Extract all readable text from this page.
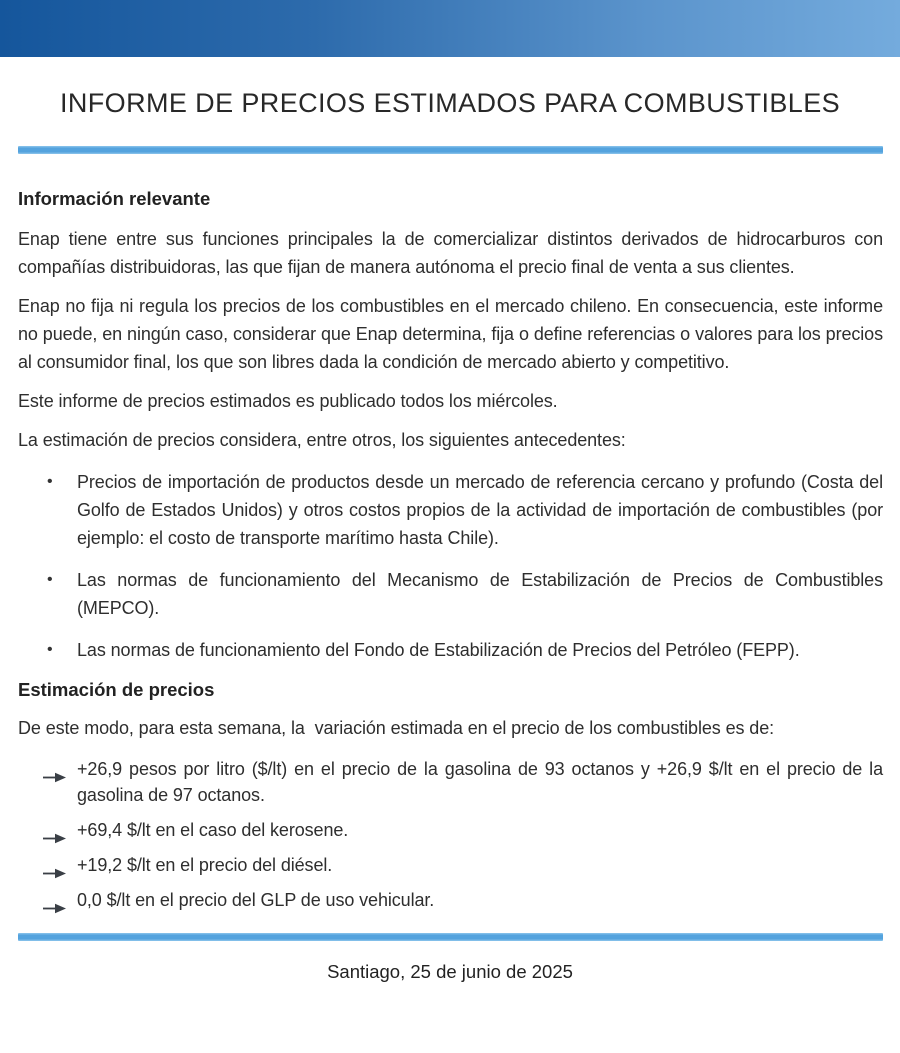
INFORME DE PRECIOS ESTIMADOS PARA COMBUSTIBLES
Información relevante

Enap tiene entre sus funciones principales la de comercializar distintos derivados de hidrocarburos con compañías distribuidoras, las que fijan de manera autónoma el precio final de venta a sus clientes.

Enap no fija ni regula los precios de los combustibles en el mercado chileno. En consecuencia, este informe no puede, en ningún caso, considerar que Enap determina, fija o define referencias o valores para los precios al consumidor final, los que son libres dada la condición de mercado abierto y competitivo.

Este informe de precios estimados es publicado todos los miércoles.

La estimación de precios considera, entre otros, los siguientes antecedentes:

• Precios de importación de productos desde un mercado de referencia cercano y profundo (Costa del Golfo de Estados Unidos) y otros costos propios de la actividad de importación de combustibles (por ejemplo: el costo de transporte marítimo hasta Chile).
• Las normas de funcionamiento del Mecanismo de Estabilización de Precios de Combustibles (MEPCO).
• Las normas de funcionamiento del Fondo de Estabilización de Precios del Petróleo (FEPP).
Estimación de precios

De este modo, para esta semana, la  variación estimada en el precio de los combustibles es de:

+26,9 pesos por litro ($/lt) en el precio de la gasolina de 93 octanos y +26,9 $/lt en el precio de la gasolina de 97 octanos.
+69,4 $/lt en el caso del kerosene.
+19,2 $/lt en el precio del diésel.
0,0 $/lt en el precio del GLP de uso vehicular.
Santiago, 25 de junio de 2025
